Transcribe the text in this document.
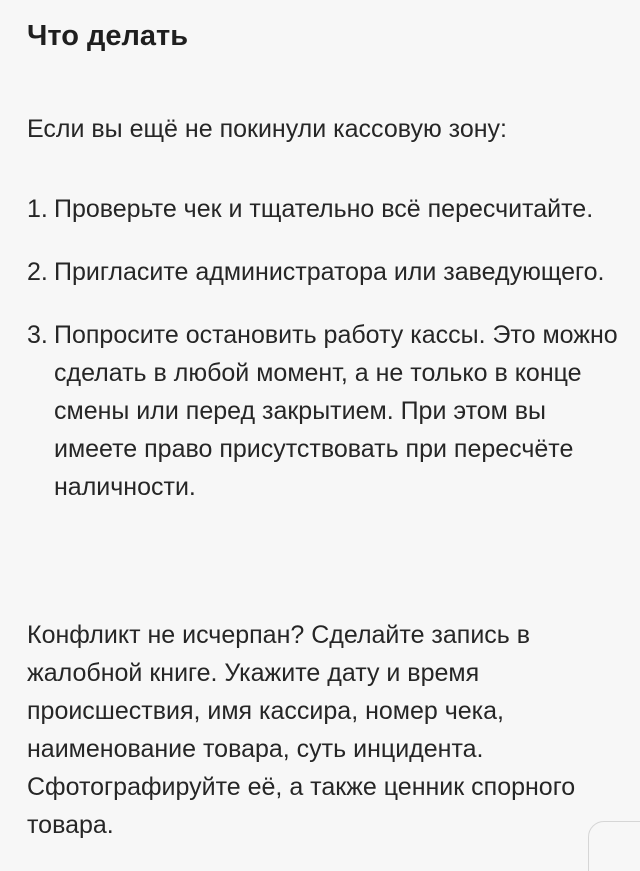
Что делать

Если вы ещё не покинули кассовую зону:

1. Проверьте чек и тщательно всё пересчитайте.
2. Пригласите администратора или заведующего.
3. Попросите остановить работу кассы. Это можно сделать в любой момент, а не только в конце смены или перед закрытием. При этом вы имеете право присутствовать при пересчёте наличности.

Конфликт не исчерпан? Сделайте запись в жалобной книге. Укажите дату и время происшествия, имя кассира, номер чека, наименование товара, суть инцидента. Сфотографируйте её, а также ценник спорного товара.
